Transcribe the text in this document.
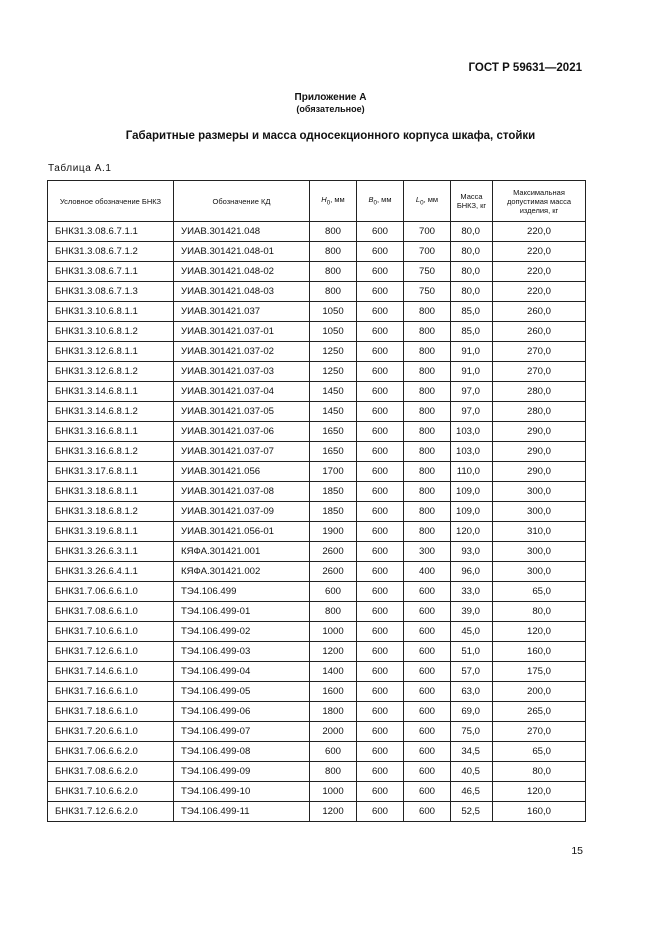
ГОСТ Р 59631—2021
Приложение А
(обязательное)
Габаритные размеры и масса односекционного корпуса шкафа, стойки
Таблица А.1
Условное обозначение БНКЗ	Обозначение КД	$H_0$, мм	$B_0$, мм	$L_0$, мм	Масса БНКЗ, кг	Максимальная допустимая масса изделия, кг
БНК31.3.08.6.7.1.1	УИАВ.301421.048	800	600	700	80,0	220,0
БНК31.3.08.6.7.1.2	УИАВ.301421.048-01	800	600	700	80,0	220,0
БНК31.3.08.6.7.1.1	УИАВ.301421.048-02	800	600	750	80,0	220,0
БНК31.3.08.6.7.1.3	УИАВ.301421.048-03	800	600	750	80,0	220,0
БНК31.3.10.6.8.1.1	УИАВ.301421.037	1050	600	800	85,0	260,0
БНК31.3.10.6.8.1.2	УИАВ.301421.037-01	1050	600	800	85,0	260,0
БНК31.3.12.6.8.1.1	УИАВ.301421.037-02	1250	600	800	91,0	270,0
БНК31.3.12.6.8.1.2	УИАВ.301421.037-03	1250	600	800	91,0	270,0
БНК31.3.14.6.8.1.1	УИАВ.301421.037-04	1450	600	800	97,0	280,0
БНК31.3.14.6.8.1.2	УИАВ.301421.037-05	1450	600	800	97,0	280,0
БНК31.3.16.6.8.1.1	УИАВ.301421.037-06	1650	600	800	103,0	290,0
БНК31.3.16.6.8.1.2	УИАВ.301421.037-07	1650	600	800	103,0	290,0
БНК31.3.17.6.8.1.1	УИАВ.301421.056	1700	600	800	110,0	290,0
БНК31.3.18.6.8.1.1	УИАВ.301421.037-08	1850	600	800	109,0	300,0
БНК31.3.18.6.8.1.2	УИАВ.301421.037-09	1850	600	800	109,0	300,0
БНК31.3.19.6.8.1.1	УИАВ.301421.056-01	1900	600	800	120,0	310,0
БНК31.3.26.6.3.1.1	КЯФА.301421.001	2600	600	300	93,0	300,0
БНК31.3.26.6.4.1.1	КЯФА.301421.002	2600	600	400	96,0	300,0
БНК31.7.06.6.6.1.0	ТЭ4.106.499	600	600	600	33,0	65,0
БНК31.7.08.6.6.1.0	ТЭ4.106.499-01	800	600	600	39,0	80,0
БНК31.7.10.6.6.1.0	ТЭ4.106.499-02	1000	600	600	45,0	120,0
БНК31.7.12.6.6.1.0	ТЭ4.106.499-03	1200	600	600	51,0	160,0
БНК31.7.14.6.6.1.0	ТЭ4.106.499-04	1400	600	600	57,0	175,0
БНК31.7.16.6.6.1.0	ТЭ4.106.499-05	1600	600	600	63,0	200,0
БНК31.7.18.6.6.1.0	ТЭ4.106.499-06	1800	600	600	69,0	265,0
БНК31.7.20.6.6.1.0	ТЭ4.106.499-07	2000	600	600	75,0	270,0
БНК31.7.06.6.6.2.0	ТЭ4.106.499-08	600	600	600	34,5	65,0
БНК31.7.08.6.6.2.0	ТЭ4.106.499-09	800	600	600	40,5	80,0
БНК31.7.10.6.6.2.0	ТЭ4.106.499-10	1000	600	600	46,5	120,0
БНК31.7.12.6.6.2.0	ТЭ4.106.499-11	1200	600	600	52,5	160,0
15
